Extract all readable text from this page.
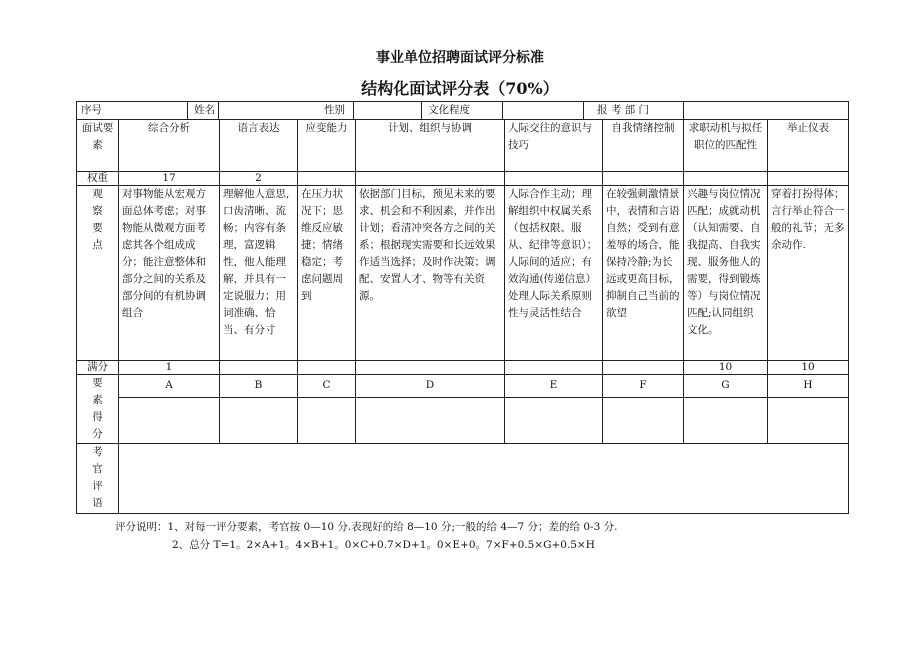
事业单位招聘面试评分标准
结构化面试评分表（70%）
序号 姓名 性别 文化程度 报 考 部 门								

面试要素	综合分析	语言表达	应变能力	计划、组织与协调	人际交往的意识与技巧	自我情绪控制	求职动机与拟任职位的匹配性	举止仪表
权重	17	2						
观察要点	对事物能从宏观方面总体考虑；对事物能从微观方面考虑其各个组成成分；能注意整体和部分之间的关系及部分间的有机协调组合	理解他人意思,口齿清晰、流畅；内容有条理，富逻辑性，他人能理解，并具有一定说服力；用词准确、恰当、有分寸	在压力状况下；思维反应敏捷；情绪稳定；考虑问题周到	依据部门目标，预见未来的要求、机会和不利因素，并作出计划；看清冲突各方之间的关系；根据现实需要和长远效果作适当选择；及时作决策；调配、安置人才、物等有关资源。	人际合作主动；理解组织中权属关系（包括权限、服从、纪律等意识）；人际间的适应；有效沟通(传递信息）处理人际关系原则性与灵活性结合	在较强刺激情景中，表情和言语自然；受到有意羞辱的场合，能保持冷静;为长远或更高目标，抑制自己当前的欲望	兴趣与岗位情况匹配；成就动机（认知需要、自我提高、自我实现、服务他人的需要，得到锻炼等）与岗位情况匹配;认同组织文化。	穿着打扮得体；言行举止符合一般的礼节；无多余动作.
满分	1						10	10
要素得分	A	B	C	D	E	F	G	H

考官评语								
评分说明：1、对每一评分要素，考官按 0—10 分.表现好的给 8—10 分;一般的给 4—7 分；差的给 0-3 分.
2、总分 T=1。2×A+1。4×B+1。0×C+0.7×D+1。0×E+0。7×F+0.5×G+0.5×H
